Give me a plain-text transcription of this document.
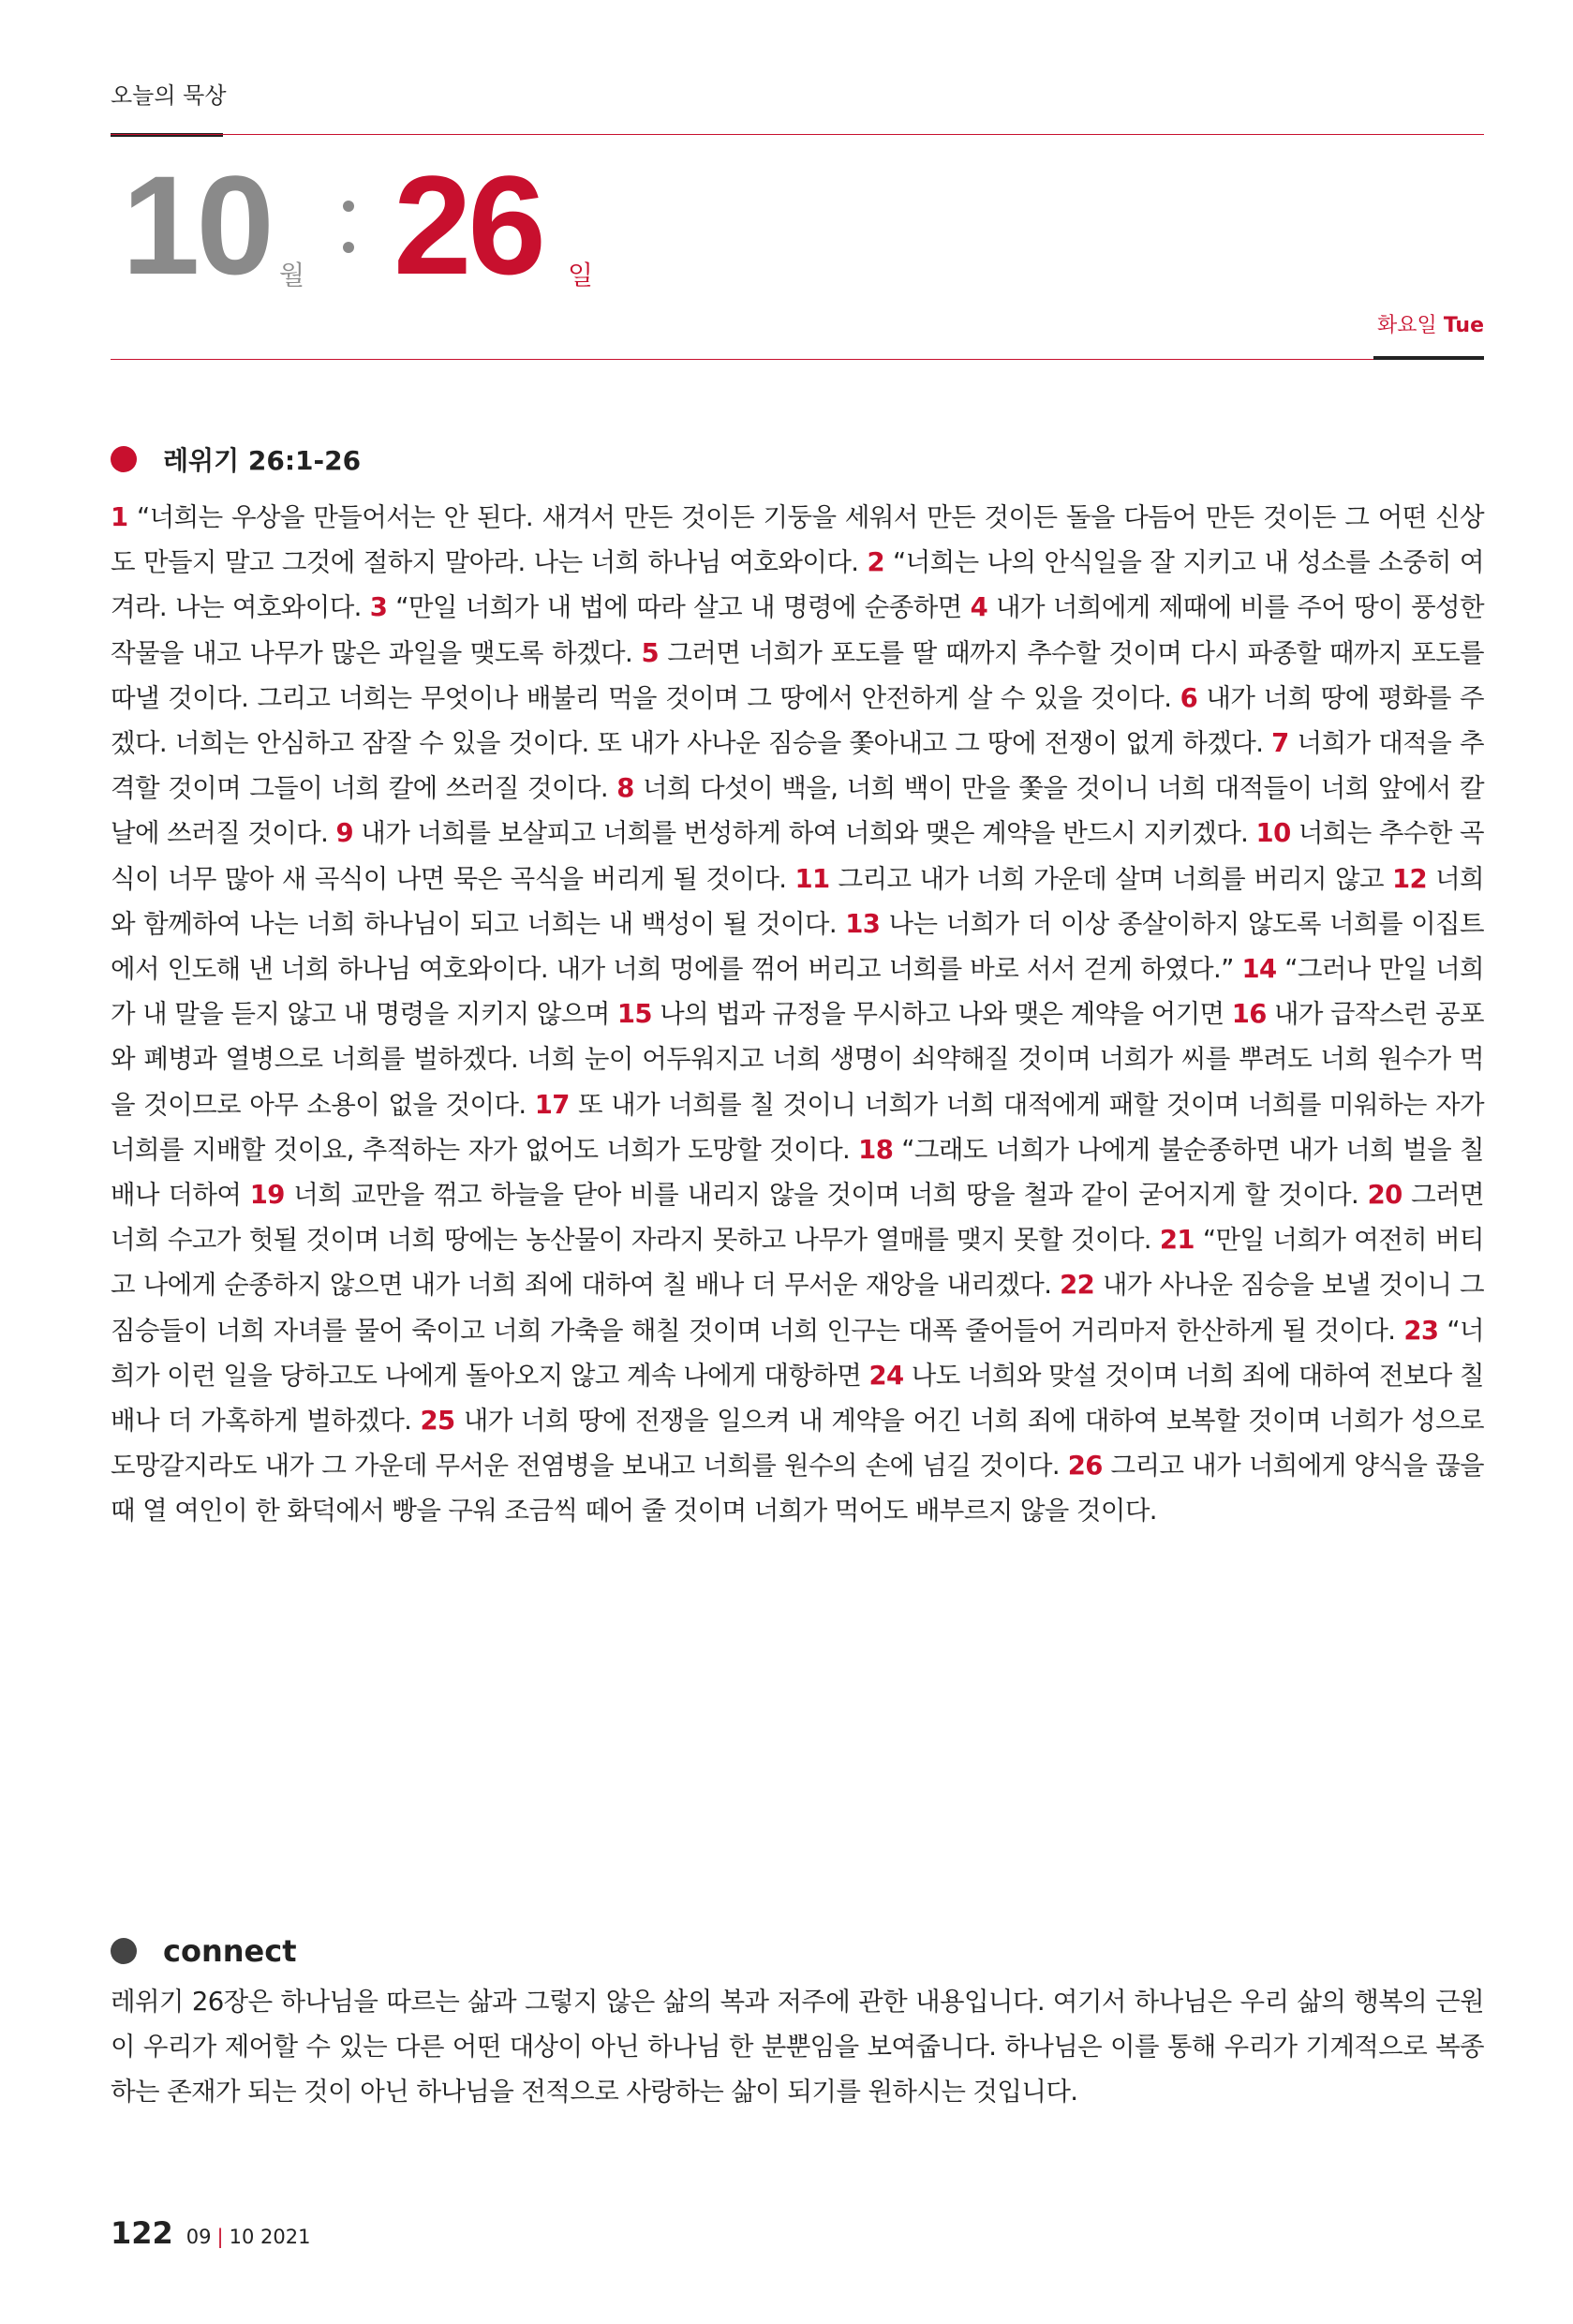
오늘의 묵상
10 월 26 일
화요일 Tue
레위기 26:1-26
1 “너희는 우상을 만들어서는 안 된다. 새겨서 만든 것이든 기둥을 세워서 만든 것이든 돌을 다듬어 만든 것이든 그 어떤 신상도 만들지 말고 그것에 절하지 말아라. 나는 너희 하나님 여호와이다. 2 “너희는 나의 안식일을 잘 지키고 내 성소를 소중히 여겨라. 나는 여호와이다. 3 “만일 너희가 내 법에 따라 살고 내 명령에 순종하면 4 내가 너희에게 제때에 비를 주어 땅이 풍성한 작물을 내고 나무가 많은 과일을 맺도록 하겠다. 5 그러면 너희가 포도를 딸 때까지 추수할 것이며 다시 파종할 때까지 포도를 따낼 것이다. 그리고 너희는 무엇이나 배불리 먹을 것이며 그 땅에서 안전하게 살 수 있을 것이다. 6 내가 너희 땅에 평화를 주겠다. 너희는 안심하고 잠잘 수 있을 것이다. 또 내가 사나운 짐승을 쫓아내고 그 땅에 전쟁이 없게 하겠다. 7 너희가 대적을 추격할 것이며 그들이 너희 칼에 쓰러질 것이다. 8 너희 다섯이 백을, 너희 백이 만을 쫓을 것이니 너희 대적들이 너희 앞에서 칼날에 쓰러질 것이다. 9 내가 너희를 보살피고 너희를 번성하게 하여 너희와 맺은 계약을 반드시 지키겠다. 10 너희는 추수한 곡식이 너무 많아 새 곡식이 나면 묵은 곡식을 버리게 될 것이다. 11 그리고 내가 너희 가운데 살며 너희를 버리지 않고 12 너희와 함께하여 나는 너희 하나님이 되고 너희는 내 백성이 될 것이다. 13 나는 너희가 더 이상 종살이하지 않도록 너희를 이집트에서 인도해 낸 너희 하나님 여호와이다. 내가 너희 멍에를 꺾어 버리고 너희를 바로 서서 걷게 하였다.” 14 “그러나 만일 너희가 내 말을 듣지 않고 내 명령을 지키지 않으며 15 나의 법과 규정을 무시하고 나와 맺은 계약을 어기면 16 내가 급작스런 공포와 폐병과 열병으로 너희를 벌하겠다. 너희 눈이 어두워지고 너희 생명이 쇠약해질 것이며 너희가 씨를 뿌려도 너희 원수가 먹을 것이므로 아무 소용이 없을 것이다. 17 또 내가 너희를 칠 것이니 너희가 너희 대적에게 패할 것이며 너희를 미워하는 자가 너희를 지배할 것이요, 추적하는 자가 없어도 너희가 도망할 것이다. 18 “그래도 너희가 나에게 불순종하면 내가 너희 벌을 칠 배나 더하여 19 너희 교만을 꺾고 하늘을 닫아 비를 내리지 않을 것이며 너희 땅을 철과 같이 굳어지게 할 것이다. 20 그러면 너희 수고가 헛될 것이며 너희 땅에는 농산물이 자라지 못하고 나무가 열매를 맺지 못할 것이다. 21 “만일 너희가 여전히 버티고 나에게 순종하지 않으면 내가 너희 죄에 대하여 칠 배나 더 무서운 재앙을 내리겠다. 22 내가 사나운 짐승을 보낼 것이니 그 짐승들이 너희 자녀를 물어 죽이고 너희 가축을 해칠 것이며 너희 인구는 대폭 줄어들어 거리마저 한산하게 될 것이다. 23 “너희가 이런 일을 당하고도 나에게 돌아오지 않고 계속 나에게 대항하면 24 나도 너희와 맞설 것이며 너희 죄에 대하여 전보다 칠 배나 더 가혹하게 벌하겠다. 25 내가 너희 땅에 전쟁을 일으켜 내 계약을 어긴 너희 죄에 대하여 보복할 것이며 너희가 성으로 도망갈지라도 내가 그 가운데 무서운 전염병을 보내고 너희를 원수의 손에 넘길 것이다. 26 그리고 내가 너희에게 양식을 끊을 때 열 여인이 한 화덕에서 빵을 구워 조금씩 떼어 줄 것이며 너희가 먹어도 배부르지 않을 것이다.
connect
레위기 26장은 하나님을 따르는 삶과 그렇지 않은 삶의 복과 저주에 관한 내용입니다. 여기서 하나님은 우리 삶의 행복의 근원이 우리가 제어할 수 있는 다른 어떤 대상이 아닌 하나님 한 분뿐임을 보여줍니다. 하나님은 이를 통해 우리가 기계적으로 복종하는 존재가 되는 것이 아닌 하나님을 전적으로 사랑하는 삶이 되기를 원하시는 것입니다.
122 09 | 10 2021
